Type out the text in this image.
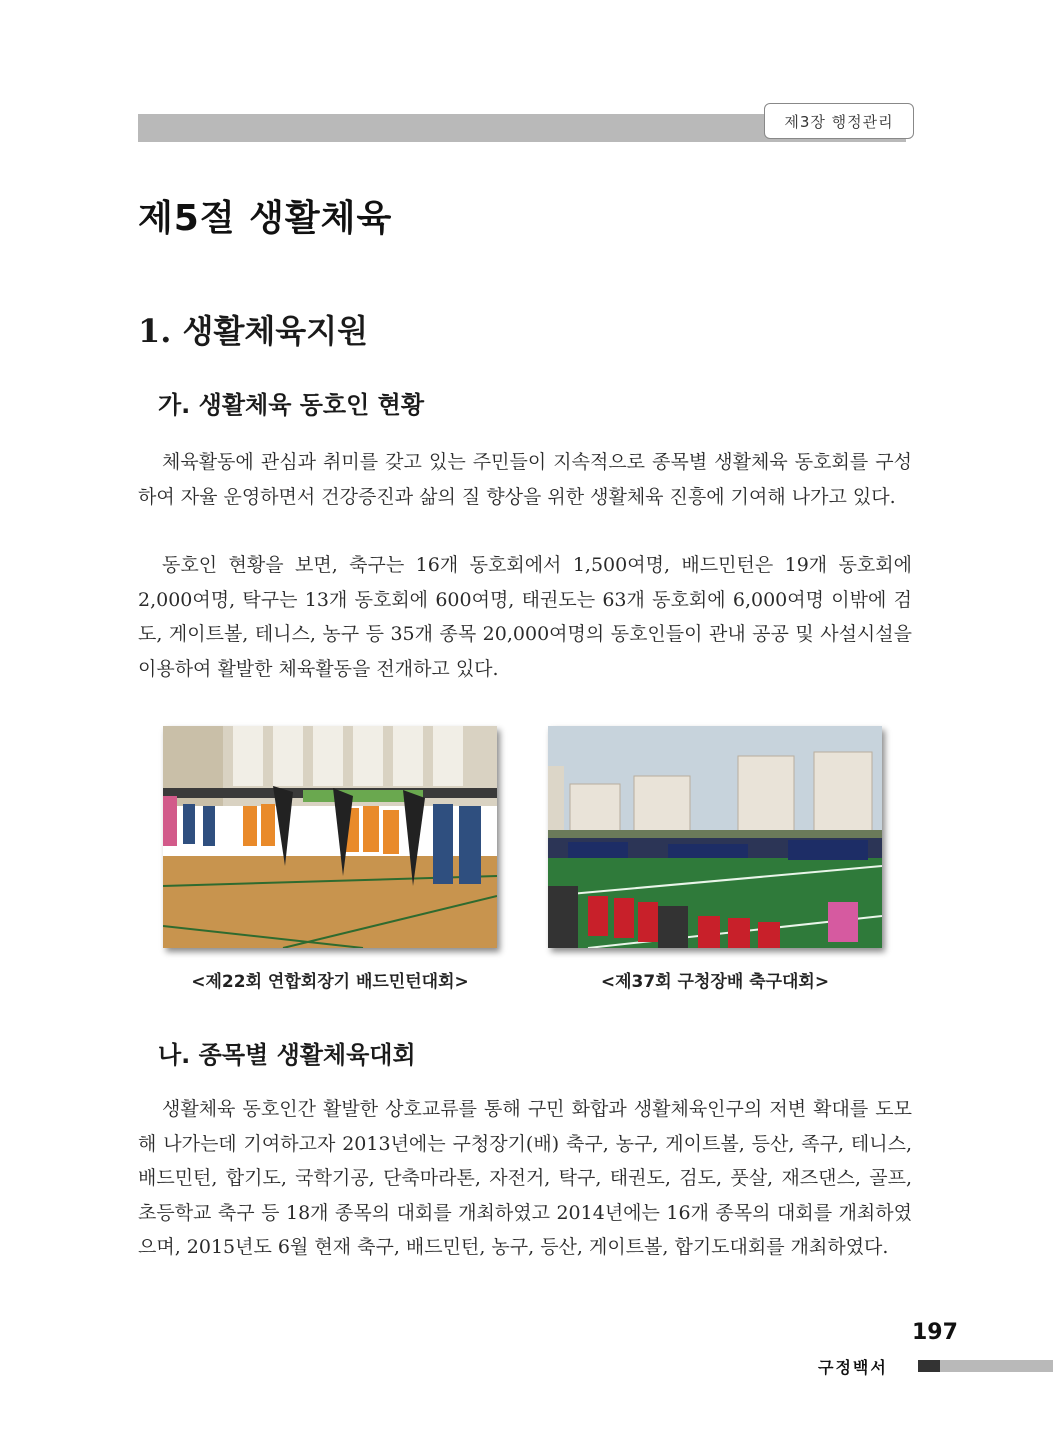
제3장 행정관리
제5절 생활체육
1. 생활체육지원
가. 생활체육 동호인 현황

체육활동에 관심과 취미를 갖고 있는 주민들이 지속적으로 종목별 생활체육 동호회를 구성하여 자율 운영하면서 건강증진과 삶의 질 향상을 위한 생활체육 진흥에 기여해 나가고 있다.

동호인 현황을 보면, 축구는 16개 동호회에서 1,500여명, 배드민턴은 19개 동호회에 2,000여명, 탁구는 13개 동호회에 600여명, 태권도는 63개 동호회에 6,000여명 이밖에 검도, 게이트볼, 테니스, 농구 등 35개 종목 20,000여명의 동호인들이 관내 공공 및 사설시설을 이용하여 활발한 체육활동을 전개하고 있다.

<제22회 연합회장기 배드민턴대회>	<제37회 구청장배 축구대회>
나. 종목별 생활체육대회

생활체육 동호인간 활발한 상호교류를 통해 구민 화합과 생활체육인구의 저변 확대를 도모해 나가는데 기여하고자 2013년에는 구청장기(배) 축구, 농구, 게이트볼, 등산, 족구, 테니스, 배드민턴, 합기도, 국학기공, 단축마라톤, 자전거, 탁구, 태권도, 검도, 풋살, 재즈댄스, 골프, 초등학교 축구 등 18개 종목의 대회를 개최하였고 2014년에는 16개 종목의 대회를 개최하였으며, 2015년도 6월 현재 축구, 배드민턴, 농구, 등산, 게이트볼, 합기도대회를 개최하였다.

197
구정백서
